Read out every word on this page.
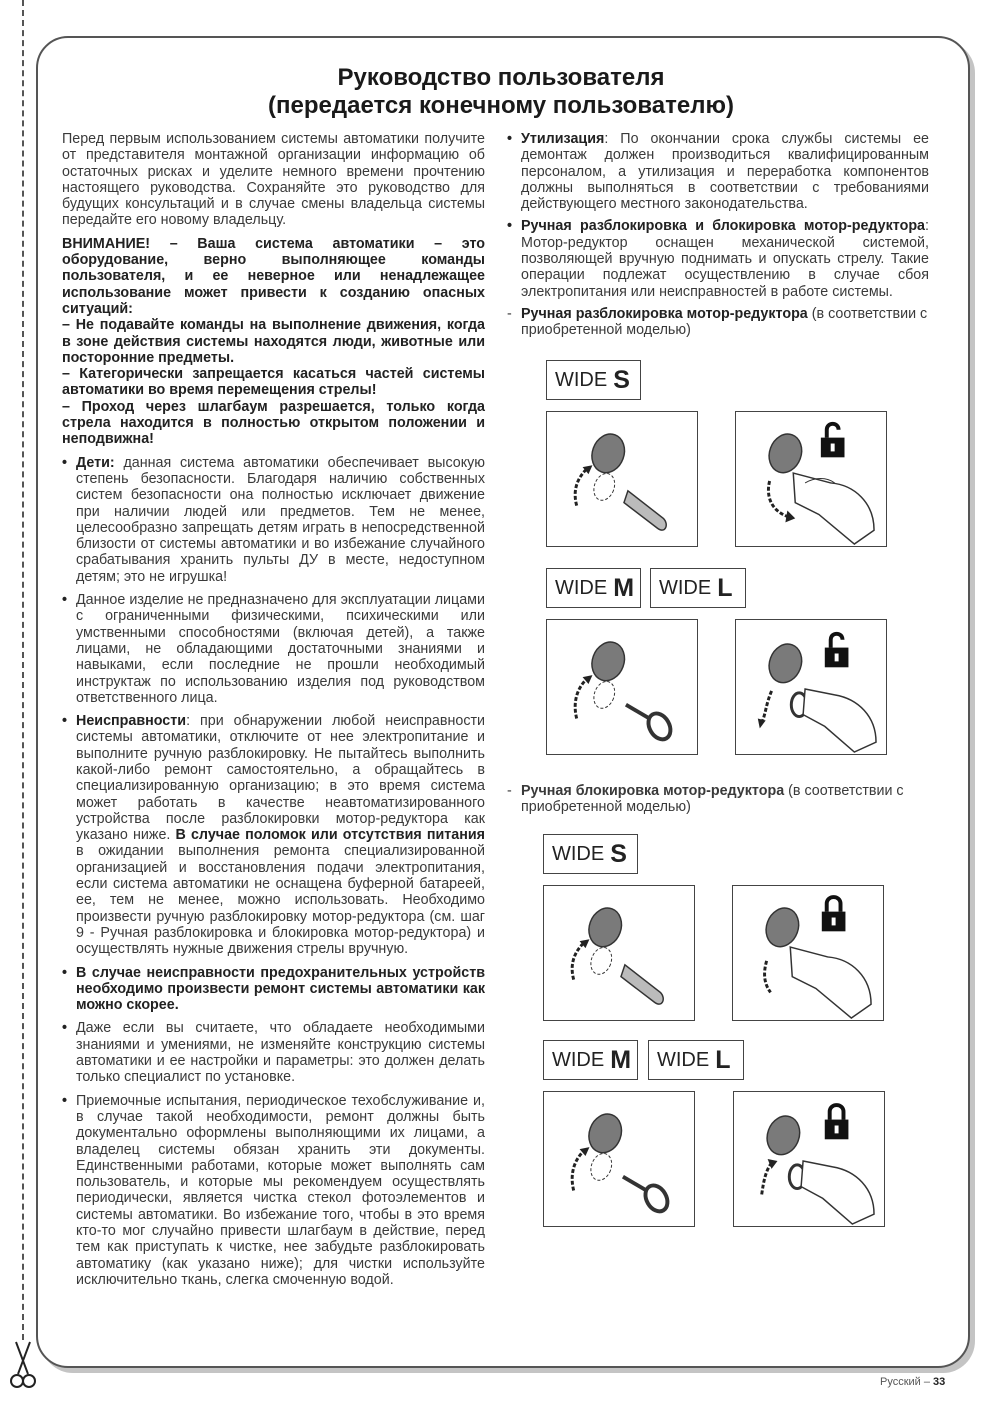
Руководство пользователя
(передается конечному пользователю)

Перед первым использованием системы автоматики получите от представителя монтажной организации информацию об остаточных рисках и уделите немного времени прочтению настоящего руководства. Сохраняйте это руководство для будущих консультаций и в случае смены владельца системы передайте его новому владельцу.

ВНИМАНИЕ! – Ваша система автоматики – это оборудование, верно выполняющее команды пользователя, и ее неверное или ненадлежащее использование может привести к созданию опасных ситуаций:
– Не подавайте команды на выполнение движения, когда в зоне действия системы находятся люди, животные или посторонние предметы.
– Категорически запрещается касаться частей системы автоматики во время перемещения стрелы!
– Проход через шлагбаум разрешается, только когда стрела находится в полностью открытом положении и неподвижна!
• Дети: данная система автоматики обеспечивает высокую степень безопасности. Благодаря наличию собственных систем безопасности она полностью исключает движение при наличии людей или предметов. Тем не менее, целесообразно запрещать детям играть в непосредственной близости от системы автоматики и во избежание случайного срабатывания хранить пульты ДУ в месте, недоступном детям; это не игрушка!
• Данное изделие не предназначено для эксплуатации лицами с ограниченными физическими, психическими или умственными способностями (включая детей), а также лицами, не обладающими достаточными знаниями и навыками, если последние не прошли необходимый инструктаж по использованию изделия под руководством ответственного лица.
• Неисправности: при обнаружении любой неисправности системы автоматики, отключите от нее электропитание и выполните ручную разблокировку. Не пытайтесь выполнить какой-либо ремонт самостоятельно, а обращайтесь в специализированную организацию; в это время система может работать в качестве неавтоматизированного устройства после разблокировки мотор-редуктора как указано ниже. В случае поломок или отсутствия питания в ожидании выполнения ремонта специализированной организацией и восстановления подачи электропитания, если система автоматики не оснащена буферной батареей, ее, тем не менее, можно использовать. Необходимо произвести ручную разблокировку мотор-редуктора (см. шаг 9 - Ручная разблокировка и блокировка мотор-редуктора) и осуществлять нужные движения стрелы вручную.
• В случае неисправности предохранительных устройств необходимо произвести ремонт системы автоматики как можно скорее.
• Даже если вы считаете, что обладаете необходимыми знаниями и умениями, не изменяйте конструкцию системы автоматики и ее настройки и параметры: это должен делать только специалист по установке.
• Приемочные испытания, периодическое техобслуживание и, в случае такой необходимости, ремонт должны быть документально оформлены выполняющими их лицами, а владелец системы обязан хранить эти документы. Единственными работами, которые может выполнять сам пользователь, и которые мы рекомендуем осуществлять периодически, является чистка стекол фотоэлементов и системы автоматики. Во избежание того, чтобы в это время кто-то мог случайно привести шлагбаум в действие, перед тем как приступать к чистке, нее забудьте разблокировать автоматику (как указано ниже); для чистки используйте исключительно ткань, слегка смоченную водой.
• Утилизация: По окончании срока службы системы ее демонтаж должен производиться квалифицированным персоналом, а утилизация и переработка компонентов должны выполняться в соответствии с требованиями действующего местного законодательства.
• Ручная разблокировка и блокировка мотор-редуктора: Мотор-редуктор оснащен механической системой, позволяющей вручную поднимать и опускать стрелу. Такие операции подлежат осуществлению в случае сбоя электропитания или неисправностей в работе системы.
- Ручная разблокировка мотор-редуктора (в соответствии с приобретенной моделью)
- Ручная блокировка мотор-редуктора (в соответствии с приобретенной моделью)
WIDE S
WIDE M WIDE L
WIDE S
WIDE M WIDE L
Русский – 33
